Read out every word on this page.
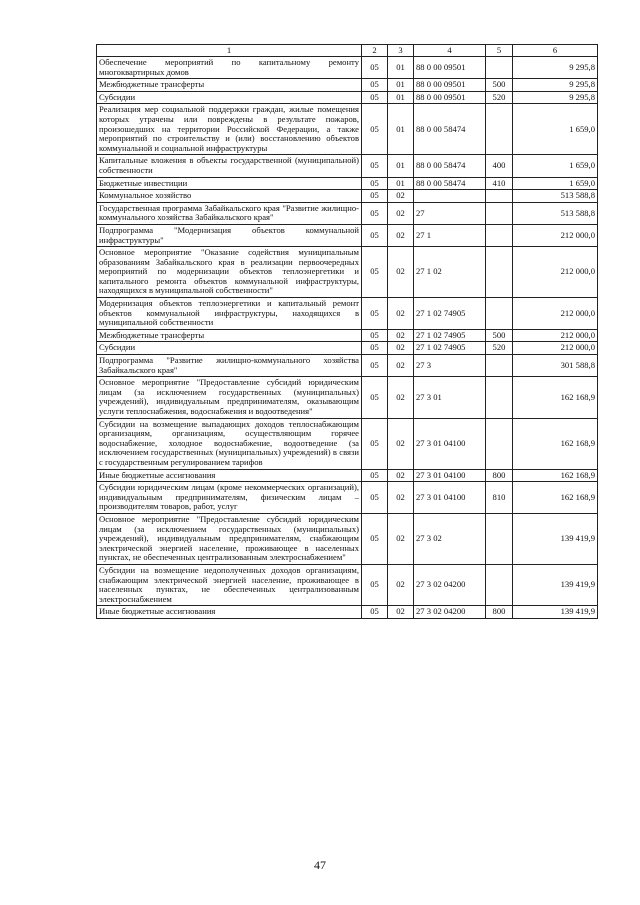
1	2	3	4	5	6
Обеспечение мероприятий по капитальному ремонту многоквартирных домов	05	01	88 0 00 09501		9 295,8
Межбюджетные трансферты	05	01	88 0 00 09501	500	9 295,8
Субсидии	05	01	88 0 00 09501	520	9 295,8
Реализация мер социальной поддержки граждан, жилые помещения которых утрачены или повреждены в результате пожаров, произошедших на территории Российской Федерации, а также мероприятий по строительству и (или) восстановлению объектов коммунальной и социальной инфраструктуры	05	01	88 0 00 58474		1 659,0
Капитальные вложения в объекты государственной (муниципальной) собственности	05	01	88 0 00 58474	400	1 659,0
Бюджетные инвестиции	05	01	88 0 00 58474	410	1 659,0
Коммунальное хозяйство	05	02			513 588,8
Государственная программа Забайкальского края "Развитие жилищно-коммунального хозяйства Забайкальского края"	05	02	27		513 588,8
Подпрограмма "Модернизация объектов коммунальной инфраструктуры"	05	02	27 1		212 000,0
Основное мероприятие "Оказание содействия муниципальным образованиям Забайкальского края в реализации первоочередных мероприятий по модернизации объектов теплоэнергетики и капитального ремонта объектов коммунальной инфраструктуры, находящихся в муниципальной собственности"	05	02	27 1 02		212 000,0
Модернизация объектов теплоэнергетики и капитальный ремонт объектов коммунальной инфраструктуры, находящихся в муниципальной собственности	05	02	27 1 02 74905		212 000,0
Межбюджетные трансферты	05	02	27 1 02 74905	500	212 000,0
Субсидии	05	02	27 1 02 74905	520	212 000,0
Подпрограмма "Развитие жилищно-коммунального хозяйства Забайкальского края"	05	02	27 3		301 588,8
Основное мероприятие "Предоставление субсидий юридическим лицам (за исключением государственных (муниципальных) учреждений), индивидуальным предпринимателям, оказывающим услуги теплоснабжения, водоснабжения и водоотведения"	05	02	27 3 01		162 168,9
Субсидии на возмещение выпадающих доходов теплоснабжающим организациям, организациям, осуществляющим горячее водоснабжение, холодное водоснабжение, водоотведение (за исключением государственных (муниципальных) учреждений) в связи с государственным регулированием тарифов	05	02	27 3 01 04100		162 168,9
Иные бюджетные ассигнования	05	02	27 3 01 04100	800	162 168,9
Субсидии юридическим лицам (кроме некоммерческих организаций), индивидуальным предпринимателям, физическим лицам – производителям товаров, работ, услуг	05	02	27 3 01 04100	810	162 168,9
Основное мероприятие "Предоставление субсидий юридическим лицам (за исключением государственных (муниципальных) учреждений), индивидуальным предпринимателям, снабжающим электрической энергией население, проживающее в населенных пунктах, не обеспеченных централизованным электроснабжением"	05	02	27 3 02		139 419,9
Субсидии на возмещение недополученных доходов организациям, снабжающим электрической энергией население, проживающее в населенных пунктах, не обеспеченных централизованным электроснабжением	05	02	27 3 02 04200		139 419,9
Иные бюджетные ассигнования	05	02	27 3 02 04200	800	139 419,9
47
